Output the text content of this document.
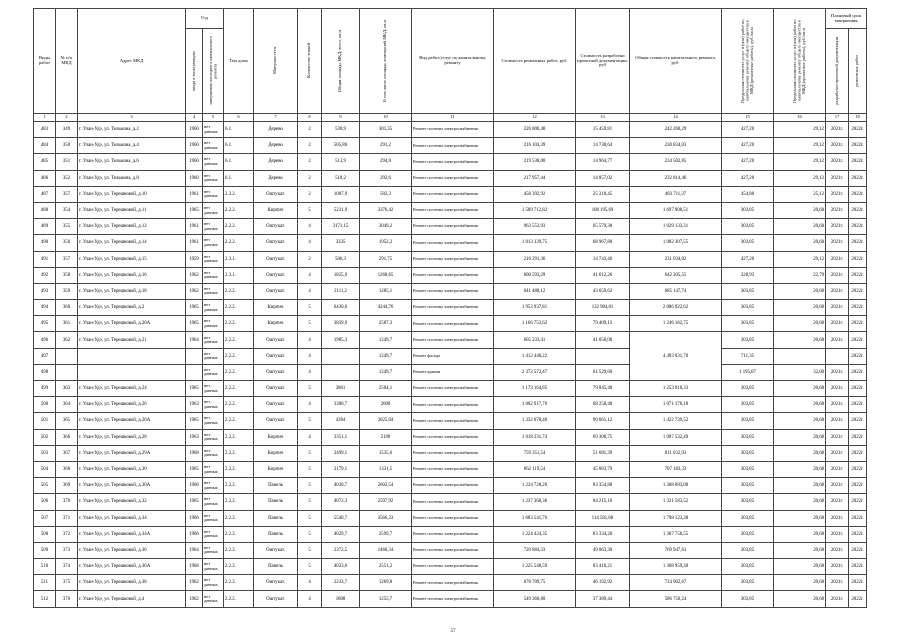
Виды работ	№ п/п МКД	Адрес МКД	Год		Тип дома	Материал стен	Количество этажей	Общая площадь МКД, всего, кв.м	В том числе площадь помещений МКД, кв.м	Вид работ/услуг по капитальному ремонту	Стоимость ремонтных работ, руб.	Стоимость разработки проектной документации, руб	Общая стоимость капитального ремонта, руб.	Предельная стоимость услуг и (или) работ по капитальному ремонту общего имущества в МКД (ремонтные работы), руб./кв.м	Предельная стоимость услуг и (или) работ по капитальному ремонту общего имущества в МКД (проектные работы), руб./кв.м	Плановый срок завершения	

			ввода в эксплуатацию	завершения последнего капитального ремонта												разработки проектной документации	ремонтных работ

1	2	3	4	5	6	7	8	9	10	11	12	13	14	15	16	17	18
483	349	г. Улан-Удэ, ул. Тельмана, д.2	1960	нет данных	6.1.	Дерево	2	530,9	301,35	Ремонт системы электроснабжения	226 800,48	15 459,81	242 260,29	427,20	29,12	2021г.	2022г.
484	350	г. Улан-Удэ, ул. Тельмана, д.4	1960	нет данных	6.1.	Дерево	2	505,86	291,2	Ремонт системы электроснабжения	216 103,39	14 730,64	230 834,03	427,20	29,12	2021г.	2022г.
485	351	г. Улан-Удэ, ул. Тельмана, д.6	1960	нет данных	6.1.	Дерево	2	513,9	294,8	Ремонт системы электроснабжения	219 538,08	14 964,77	234 502,85	427,20	29,12	2021г.	2022г.
486	352	г. Улан-Удэ, ул. Тельмана, д.8	1960	нет данных	6.1.	Дерево	2	510,2	292,6	Ремонт системы электроснабжения	217 957,44	14 857,02	232 814,46	427,20	29,12	2021г.	2022г.
487	357	г. Улан-Удэ, ул. Терешковой, д.10	1961	нет данных	2.3.2.	Оштукат.	2	1007,9	502,3	Ремонт системы электроснабжения	458 392,92	25 318,45	483 711,37	454,80	25,12	2021г.	2022г.
488	354	г. Улан-Удэ, ул. Терешковой, д.11	1965	нет данных	2.2.2.	Кирпич	5	5231,9	3376,42	Ремонт системы электроснабжения	1 589 712,82	108 195,69	1 697 908,51	303,85	20,68	2021г.	2022г.
489	355	г. Улан-Удэ, ул. Терешковой, д.12	1961	нет данных	2.2.2.	Оштукат.	4	3171,15	3049,2	Ремонт системы электроснабжения	963 553,93	65 579,38	1 029 133,31	303,85	20,68	2021г.	2022г.
490	356	г. Улан-Удэ, ул. Терешковой, д.14	1961	нет данных	2.2.2.	Оштукат.	4	3335	1952,2	Ремонт системы электроснабжения	1 013 339,75	68 967,80	1 082 307,55	303,85	20,68	2021г.	2022г.
491	357	г. Улан-Удэ, ул. Терешковой, д.15	1959	нет данных	2.3.1.	Оштукат.	2	506,3	291,75	Ремонт системы электроснабжения	216 291,36	14 743,46	231 034,82	427,20	29,12	2021г.	2022г.
492	358	г. Улан-Удэ, ул. Терешковой, д.16	1962	нет данных	2.3.1.	Оштукат.	4	1825,9	1268,65	Ремонт системы электроснабжения	600 593,29	41 612,26	642 205,55	328,93	22,79	2021г.	2022г.
493	359	г. Улан-Удэ, ул. Терешковой, д.18	1962	нет данных	2.2.2.	Оштукат.	4	2111,2	1285,1	Ремонт системы электроснабжения	641 488,12	43 659,62	685 147,74	303,85	20,68	2021г.	2022г.
494	360	г. Улан-Удэ, ул. Терешковой, д.2	1965	нет данных	2.2.2.	Кирпич	5	6430,6	4244,76	Ремонт системы электроснабжения	1 953 937,81	132 984,81	2 086 922,62	303,85	20,68	2021г.	2022г.
495	361	г. Улан-Удэ, ул. Терешковой, д.20А	1965	нет данных	2.2.2.	Кирпич	5	3839,9	2587,3	Ремонт системы электроснабжения	1 166 753,62	79 409,13	1 246 162,75	303,85	20,68	2021г.	2022г.
496	362	г. Улан-Удэ, ул. Терешковой, д.21	1964	нет данных	2.2.2.	Оштукат.	4	1985,3	1249,7	Ремонт системы электроснабжения	605 233,41	41 056,00	4 493 031,70	303,85	20,68	2021г.	2022г.
497				нет данных	2.2.2.	Оштукат.	4		1249,7	Ремонт фасада	1 412 440,22			711,35			2022г.
498				нет данных	2.2.2.	Оштукат.	4		1249,7	Ремонт крыши	2 372 572,47	61 529,60		1 195,07	32,00	2021г.	2022г.
499	363	г. Улан-Удэ, ул. Терешковой, д.24	1965	нет данных	2.2.2.	Оштукат.	5	3861	2504,1	Ремонт системы электроснабжения	1 173 164,85	79 845,48	1 253 010,33	303,85	20,68	2021г.	2022г.
500	364	г. Улан-Удэ, ул. Терешковой, д.26	1963	нет данных	2.2.2.	Оштукат.	4	3300,7	2600	Ремонт системы электроснабжения	1 002 917,70	68 258,48	1 071 176,18	303,85	20,68	2021г.	2022г.
501	365	г. Улан-Удэ, ул. Терешковой, д.26А	1965	нет данных	2.2.2.	Оштукат.	5	4384	3025,04	Ремонт системы электроснабжения	1 332 078,40	90 661,12	1 422 739,52	303,85	20,68	2021г.	2022г.
502	366	г. Улан-Удэ, ул. Терешковой, д.28	1963	нет данных	2.2.2.	Кирпич	4	3351,1	2190	Ремонт системы электроснабжения	1 018 231,74	69 300,75	1 087 532,49	303,85	20,68	2021г.	2022г.
503	367	г. Улан-Удэ, ул. Терешковой, д.29А	1968	нет данных	2.2.2.	Кирпич	5	2499,1	1535,6	Ремонт системы электроснабжения	759 351,54	51 681,39	811 032,93	303,85	20,68	2021г.	2022г.
504	368	г. Улан-Удэ, ул. Терешковой, д.30	1965	нет данных	2.2.2.	Кирпич	5	2179,1	1331,5	Ремонт системы электроснабжения	662 119,54	45 063,79	707 183,33	303,85	20,68	2021г.	2022г.
505	369	г. Улан-Удэ, ул. Терешковой, д.30А	1966	нет данных	2.2.2.	Панель	5	4030,7	2602,54	Ремонт системы электроснабжения	1 224 728,20	83 354,88	1 308 083,08	303,85	20,68	2021г.	2022г.
506	370	г. Улан-Удэ, ул. Терешковой, д.32	1965	нет данных	2.2.2.	Панель	5	4072,3	2597,92	Ремонт системы электроснабжения	1 237 368,36	84 215,16	1 321 583,52	303,85	20,68	2021г.	2022г.
507	371	г. Улан-Удэ, ул. Терешковой, д.34	1966	нет данных	2.2.2.	Панель	5	5540,7	3566,33	Ремонт системы электроснабжения	1 683 541,70	114 581,68	1 798 123,38	303,85	20,68	2021г.	2022г.
508	372	г. Улан-Удэ, ул. Терешковой, д.34А	1966	нет данных	2.2.2.	Панель	5	4029,7	2599,7	Ремонт системы электроснабжения	1 224 424,35	83 334,20	1 307 758,55	303,85	20,68	2021г.	2022г.
509	373	г. Улан-Удэ, ул. Терешковой, д.36	1964	нет данных	2.2.2.	Оштукат.	5	2372,5	1460,34	Ремонт системы электроснабжения	720 884,33	49 063,30	769 947,63	303,85	20,68	2021г.	2022г.
510	374	г. Улан-Удэ, ул. Терешковой, д.36А	1968	нет данных	2.2.2.	Панель	5	4033,6	2551,2	Ремонт системы электроснабжения	1 225 548,59	83 410,21	1 308 959,30	303,85	20,68	2021г.	2022г.
511	375	г. Улан-Удэ, ул. Терешковой, д.38	1962	нет данных	2.2.2.	Оштукат.	4	2233,7	1269,8	Ремонт системы электроснабжения	678 709,75	46 192,92	724 902,67	303,85	20,68	2021г.	2022г.
512	376	г. Улан-Удэ, ул. Терешковой, д.4	1962	нет данных	2.2.2.	Оштукат.	4	1808	1255,7	Ремонт системы электроснабжения	549 360,80	37 389,44	586 750,24	303,85	20,68	2021г.	2022г.
57
